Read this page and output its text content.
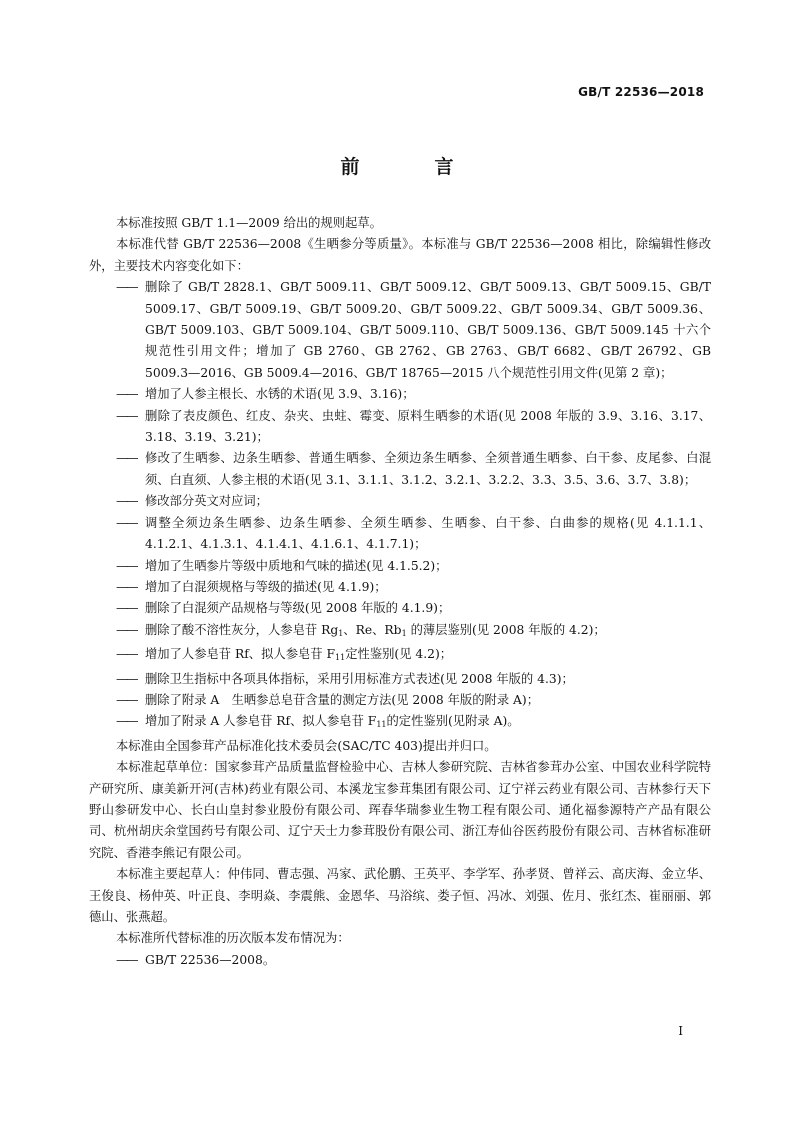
GB/T 22536—2018
前　言

本标准按照 GB/T 1.1—2009 给出的规则起草。

本标准代替 GB/T 22536—2008《生晒参分等质量》。本标准与 GB/T 22536—2008 相比，除编辑性修改外，主要技术内容变化如下：

—— 删除了 GB/T 2828.1、GB/T 5009.11、GB/T 5009.12、GB/T 5009.13、GB/T 5009.15、GB/T 5009.17、GB/T 5009.19、GB/T 5009.20、GB/T 5009.22、GB/T 5009.34、GB/T 5009.36、GB/T 5009.103、GB/T 5009.104、GB/T 5009.110、GB/T 5009.136、GB/T 5009.145 十六个规范性引用文件；增加了 GB 2760、GB 2762、GB 2763、GB/T 6682、GB/T 26792、GB 5009.3—2016、GB 5009.4—2016、GB/T 18765—2015 八个规范性引用文件(见第 2 章)；

—— 增加了人参主根长、水锈的术语(见 3.9、3.16)；

—— 删除了表皮颜色、红皮、杂夹、虫蛀、霉变、原料生晒参的术语(见 2008 年版的 3.9、3.16、3.17、3.18、3.19、3.21)；

—— 修改了生晒参、边条生晒参、普通生晒参、全须边条生晒参、全须普通生晒参、白干参、皮尾参、白混须、白直须、人参主根的术语(见 3.1、3.1.1、3.1.2、3.2.1、3.2.2、3.3、3.5、3.6、3.7、3.8)；

—— 修改部分英文对应词；

—— 调整全须边条生晒参、边条生晒参、全须生晒参、生晒参、白干参、白曲参的规格(见 4.1.1.1、4.1.2.1、4.1.3.1、4.1.4.1、4.1.6.1、4.1.7.1)；

—— 增加了生晒参片等级中质地和气味的描述(见 4.1.5.2)；

—— 增加了白混须规格与等级的描述(见 4.1.9)；

—— 删除了白混须产品规格与等级(见 2008 年版的 4.1.9)；

—— 删除了酸不溶性灰分，人参皂苷 $Rg_1$、Re、$Rb_1$ 的薄层鉴别(见 2008 年版的 4.2)；

—— 增加了人参皂苷 Rf、拟人参皂苷 $F_{11}$定性鉴别(见 4.2)；

—— 删除卫生指标中各项具体指标，采用引用标准方式表述(见 2008 年版的 4.3)；

—— 删除了附录 A　生晒参总皂苷含量的测定方法(见 2008 年版的附录 A)；

—— 增加了附录 A 人参皂苷 Rf、拟人参皂苷 $F_{11}$的定性鉴别(见附录 A)。

本标准由全国参茸产品标准化技术委员会(SAC/TC 403)提出并归口。

本标准起草单位：国家参茸产品质量监督检验中心、吉林人参研究院、吉林省参茸办公室、中国农业科学院特产研究所、康美新开河(吉林)药业有限公司、本溪龙宝参茸集团有限公司、辽宁祥云药业有限公司、吉林参行天下野山参研发中心、长白山皇封参业股份有限公司、珲春华瑞参业生物工程有限公司、通化福参源特产产品有限公司、杭州胡庆余堂国药号有限公司、辽宁天士力参茸股份有限公司、浙江寿仙谷医药股份有限公司、吉林省标准研究院、香港李熊记有限公司。

本标准主要起草人：仲伟同、曹志强、冯家、武伦鹏、王英平、李学军、孙孝贤、曾祥云、高庆海、金立华、王俊良、杨仲英、叶正良、李明焱、李震熊、金恩华、马浴缤、娄子恒、冯冰、刘强、佐月、张红杰、崔丽丽、郭德山、张燕超。

本标准所代替标准的历次版本发布情况为：

—— GB/T 22536—2008。

I
